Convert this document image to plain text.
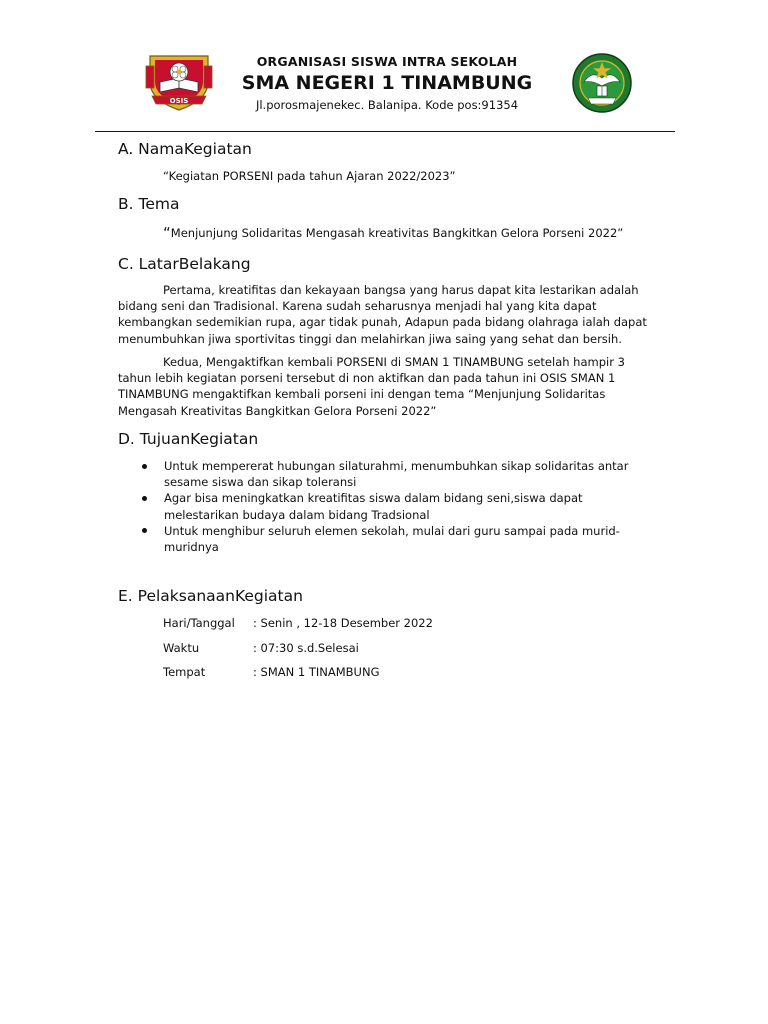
OSIS
ORGANISASI SISWA INTRA SEKOLAH
SMA NEGERI 1 TINAMBUNG
Jl.porosmajenekec. Balanipa. Kode pos:91354
A. NamaKegiatan
“Kegiatan PORSENI pada tahun Ajaran 2022/2023”
B. Tema
“Menjunjung Solidaritas Mengasah kreativitas Bangkitkan Gelora Porseni 2022”
C. LatarBelakang
Pertama, kreatifitas dan kekayaan bangsa yang harus dapat kita lestarikan adalah bidang seni dan Tradisional. Karena sudah seharusnya menjadi hal yang kita dapat kembangkan sedemikian rupa, agar tidak punah, Adapun pada bidang olahraga ialah dapat menumbuhkan jiwa sportivitas tinggi dan melahirkan jiwa saing yang sehat dan bersih.
Kedua, Mengaktifkan kembali PORSENI di SMAN 1 TINAMBUNG setelah hampir 3 tahun lebih kegiatan porseni tersebut di non aktifkan dan pada tahun ini OSIS SMAN 1 TINAMBUNG mengaktifkan kembali porseni ini dengan tema “Menjunjung Solidaritas Mengasah Kreativitas Bangkitkan Gelora Porseni 2022”
D. TujuanKegiatan
Untuk mempererat hubungan silaturahmi, menumbuhkan sikap solidaritas antar sesame siswa dan sikap toleransi
Agar bisa meningkatkan kreatifitas siswa dalam bidang seni,siswa dapat melestarikan budaya dalam bidang Tradsional
Untuk menghibur seluruh elemen sekolah, mulai dari guru sampai pada murid-muridnya
E. PelaksanaanKegiatan
Hari/Tanggal : Senin , 12-18 Desember 2022
Waktu	: 07:30 s.d.Selesai
Tempat	: SMAN 1 TINAMBUNG
